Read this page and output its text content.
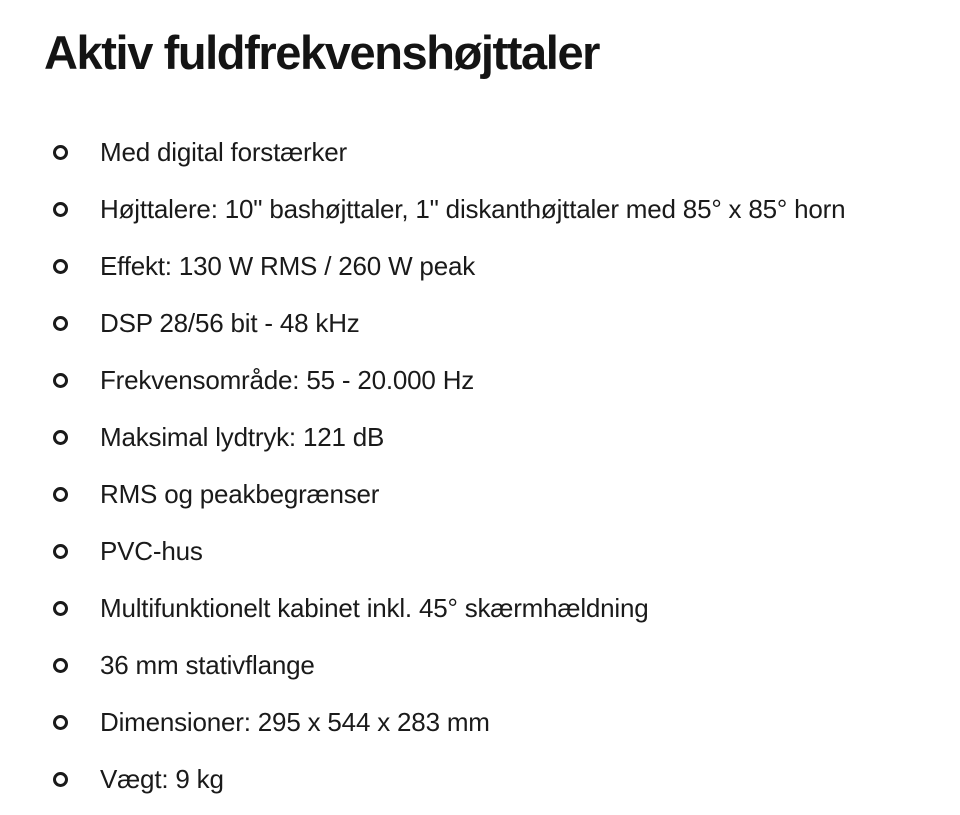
Aktiv fuldfrekvenshøjttaler
Med digital forstærker
Højttalere: 10" bashøjttaler, 1" diskanthøjttaler med 85° x 85° horn
Effekt: 130 W RMS / 260 W peak
DSP 28/56 bit - 48 kHz
Frekvensområde: 55 - 20.000 Hz
Maksimal lydtryk: 121 dB
RMS og peakbegrænser
PVC-hus
Multifunktionelt kabinet inkl. 45° skærmhældning
36 mm stativflange
Dimensioner: 295 x 544 x 283 mm
Vægt: 9 kg
